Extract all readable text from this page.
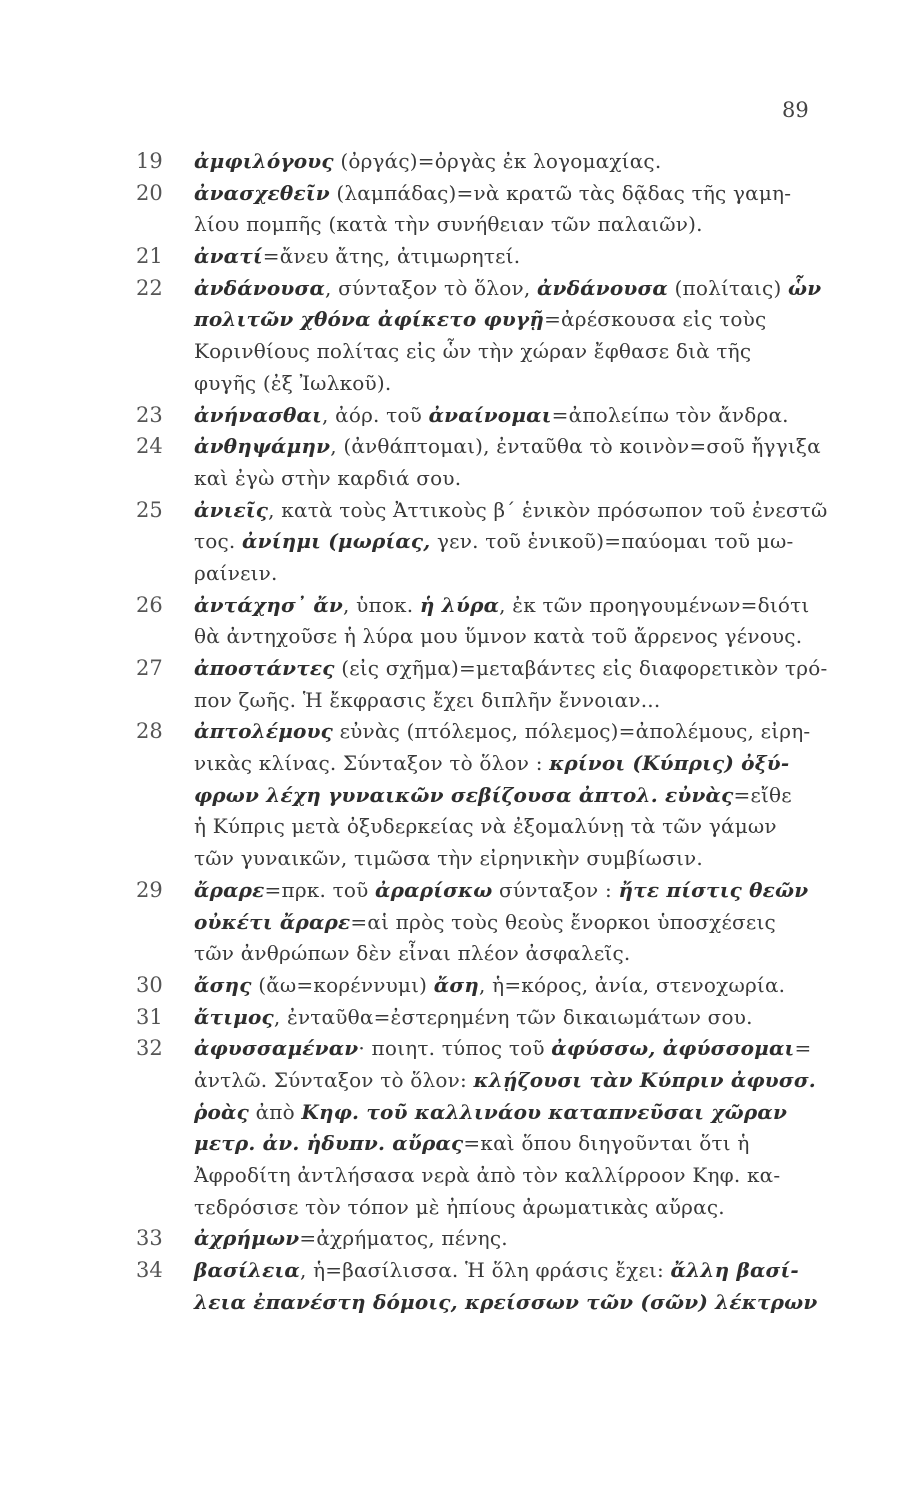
89
19 ἀμφιλόγους (ὀργάς)=ὀργὰς ἐκ λογομαχίας.
20 ἀνασχεθεῖν (λαμπάδας)=νὰ κρατῶ τὰς δᾷδας τῆς γαμη-
λίου πομπῆς (κατὰ τὴν συνήθειαν τῶν παλαιῶν).
21 ἀνατί=ἄνευ ἄτης, ἀτιμωρητεί.
22 ἀνδάνουσα, σύνταξον τὸ ὅλον, ἀνδάνουσα (πολίταις) ὧν
πολιτῶν χθόνα ἀφίκετο φυγῇ=ἀρέσκουσα εἰς τοὺς
Κορινθίους πολίτας εἰς ὧν τὴν χώραν ἔφθασε διὰ τῆς
φυγῆς (ἐξ Ἰωλκοῦ).
23 ἀνήνασθαι, ἀόρ. τοῦ ἀναίνομαι=ἀπολείπω τὸν ἄνδρα.
24 ἀνθηψάμην, (ἀνθάπτομαι), ἐνταῦθα τὸ κοινὸν=σοῦ ἤγγιξα
καὶ ἐγὼ στὴν καρδιά σου.
25 ἀνιεῖς, κατὰ τοὺς Ἀττικοὺς β΄ ἑνικὸν πρόσωπον τοῦ ἐνεστῶ
τος. ἀνίημι (μωρίας, γεν. τοῦ ἑνικοῦ)=παύομαι τοῦ μω-
ραίνειν.
26 ἀντάχησ᾽ ἄν, ὑποκ. ἡ λύρα, ἐκ τῶν προηγουμένων=διότι
θὰ ἀντηχοῦσε ἡ λύρα μου ὕμνον κατὰ τοῦ ἄρρενος γένους.
27 ἀποστάντες (εἰς σχῆμα)=μεταβάντες εἰς διαφορετικὸν τρό-
πον ζωῆς. Ἡ ἔκφρασις ἔχει διπλῆν ἔννοιαν...
28 ἀπτολέμους εὐνὰς (πτόλεμος, πόλεμος)=ἀπολέμους, εἰρη-
νικὰς κλίνας. Σύνταξον τὸ ὅλον : κρίνοι (Κύπρις) ὀξύ-
φρων λέχη γυναικῶν σεβίζουσα ἀπτολ. εὐνὰς=εἴθε
ἡ Κύπρις μετὰ ὀξυδερκείας νὰ ἐξομαλύνῃ τὰ τῶν γάμων
τῶν γυναικῶν, τιμῶσα τὴν εἰρηνικὴν συμβίωσιν.
29 ἄραρε=πρκ. τοῦ ἀραρίσκω σύνταξον : ἤτε πίστις θεῶν
οὐκέτι ἄραρε=αἱ πρὸς τοὺς θεοὺς ἔνορκοι ὑποσχέσεις
τῶν ἀνθρώπων δὲν εἶναι πλέον ἀσφαλεῖς.
30 ἄσης (ἄω=κορέννυμι) ἄση, ἡ=κόρος, ἀνία, στενοχωρία.
31 ἄτιμος, ἐνταῦθα=ἐστερημένη τῶν δικαιωμάτων σου.
32 ἀφυσσαμέναν· ποιητ. τύπος τοῦ ἀφύσσω, ἀφύσσομαι=
ἀντλῶ. Σύνταξον τὸ ὅλον: κλῄζουσι τὰν Κύπριν ἀφυσσ.
ῥοὰς ἀπὸ Κηφ. τοῦ καλλινάου καταπνεῦσαι χῶραν
μετρ. ἀν. ἡδυπν. αὔρας=καὶ ὅπου διηγοῦνται ὅτι ἡ
Ἀφροδίτη ἀντλήσασα νερὰ ἀπὸ τὸν καλλίρροον Κηφ. κα-
τεδρόσισε τὸν τόπον μὲ ἠπίους ἀρωματικὰς αὔρας.
33 ἀχρήμων=ἀχρήματος, πένης.
34 βασίλεια, ἡ=βασίλισσα. Ἡ ὅλη φράσις ἔχει: ἄλλη βασί-
λεια ἐπανέστη δόμοις, κρείσσων τῶν (σῶν) λέκτρων
